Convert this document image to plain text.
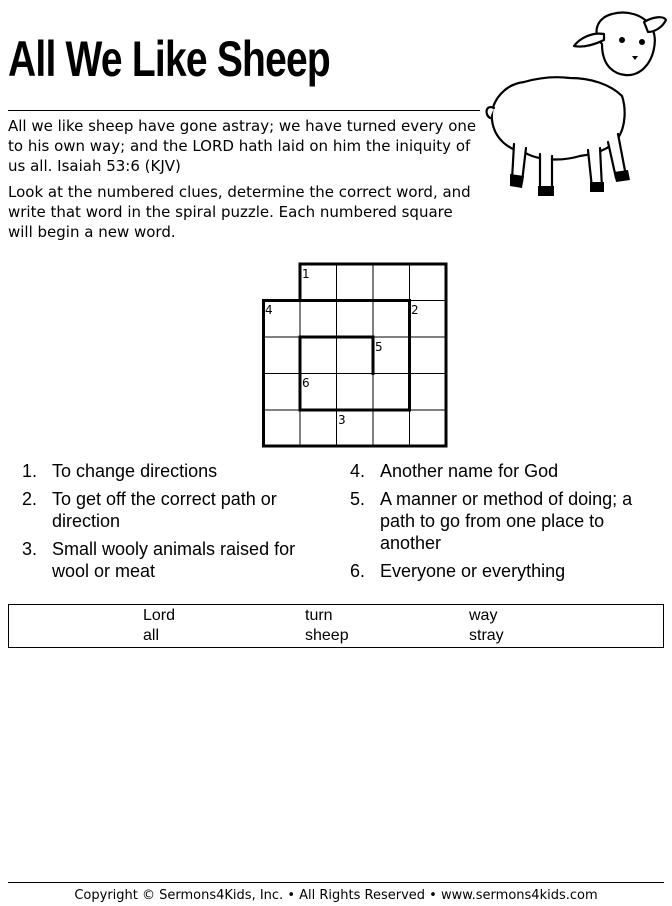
All We Like Sheep

All we like sheep have gone astray; we have turned every one to his own way; and the LORD hath laid on him the iniquity of us all. Isaiah 53:6 (KJV)

Look at the numbered clues, determine the correct word, and write that word in the spiral puzzle. Each numbered square will begin a new word.

1
2
3
4
5
6
1. To change directions
2. To get off the correct path or direction
3. Small wooly animals raised for wool or meat
4. Another name for God
5. A manner or method of doing; a path to go from one place to another
6. Everyone or everything
Lord	turn	way
all	sheep	stray
Copyright © Sermons4Kids, Inc. • All Rights Reserved • www.sermons4kids.com
